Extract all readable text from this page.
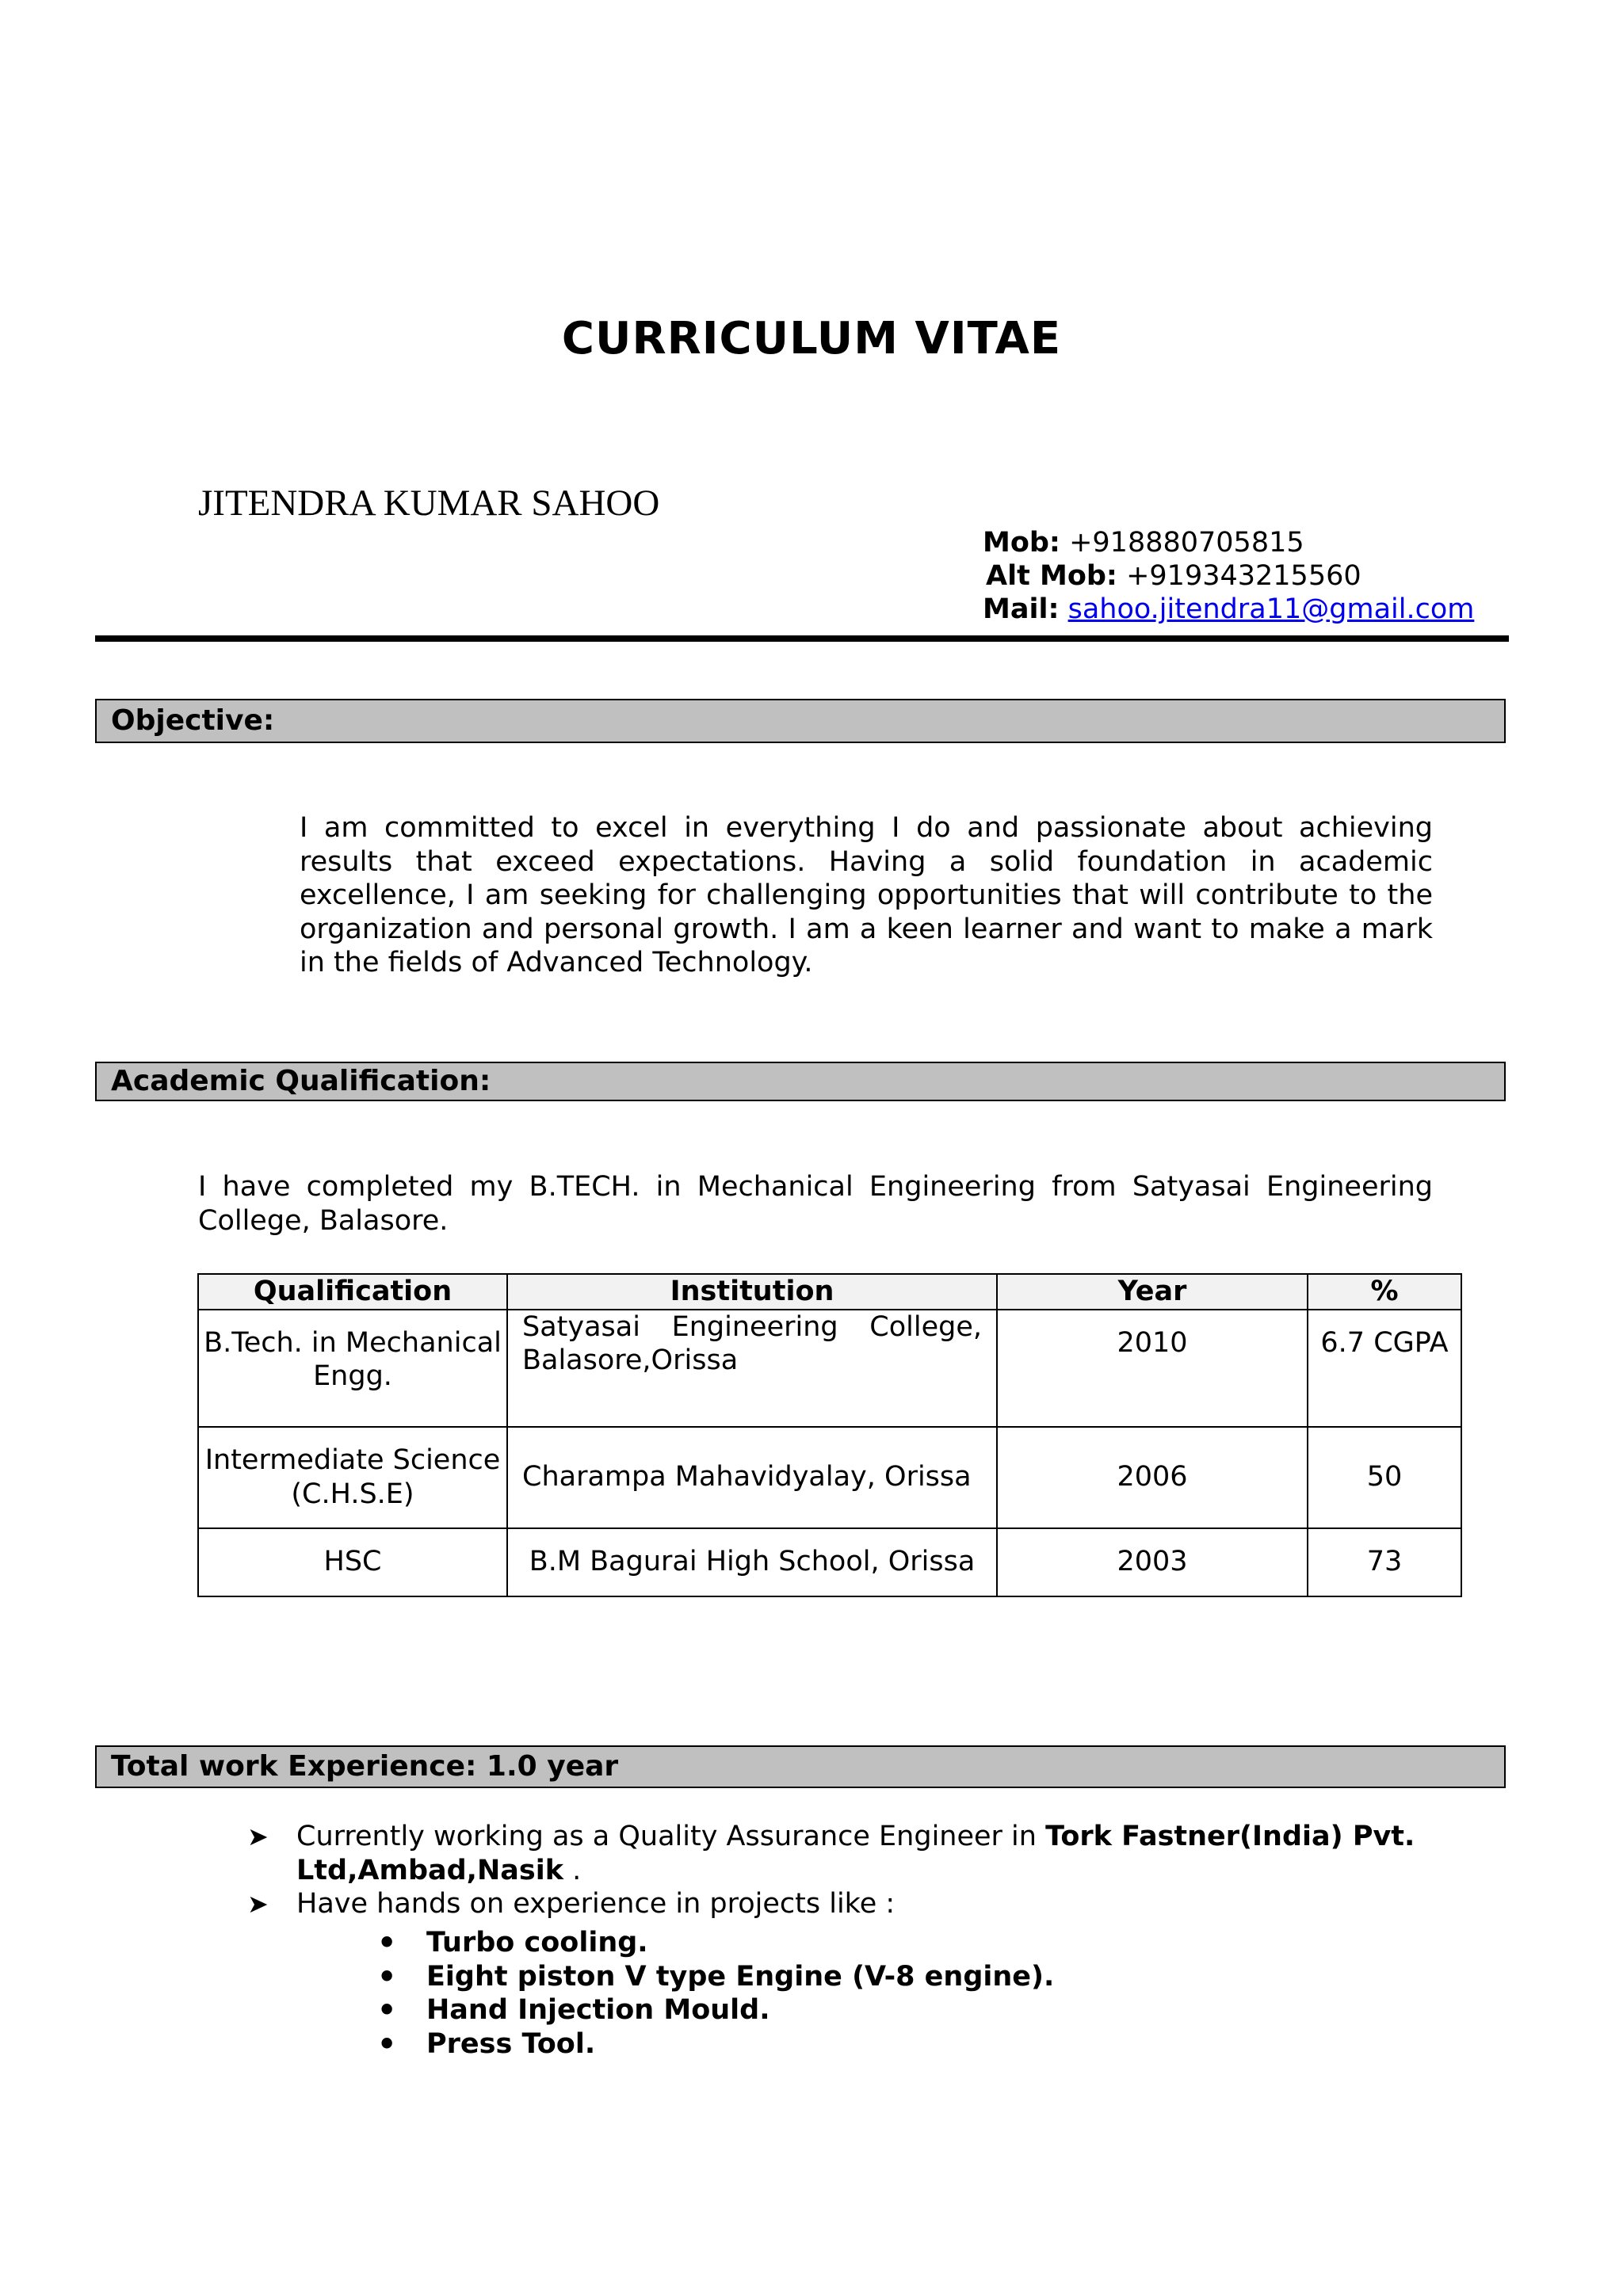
CURRICULUM VITAE
JITENDRA KUMAR SAHOO
Mob: +918880705815
Alt Mob: +919343215560
Mail: sahoo.jitendra11@gmail.com
Objective:
I am committed to excel in everything I do and passionate about achieving results that exceed expectations. Having a solid foundation in academic excellence, I am seeking for challenging opportunities that will contribute to the organization and personal growth. I am a keen learner and want to make a mark in the fields of Advanced Technology.
Academic Qualification:
I have completed my B.TECH. in Mechanical Engineering from Satyasai Engineering College, Balasore.
Qualification	Institution	Year	%
B.Tech. in Mechanical Engg.	Satyasai Engineering College, Balasore,Orissa	2010	6.7 CGPA
Intermediate Science (C.H.S.E)	Charampa Mahavidyalay, Orissa	2006	50
HSC	B.M Bagurai High School, Orissa	2003	73
Total work Experience: 1.0 year
➤ Currently working as a Quality Assurance Engineer in Tork Fastner(India) Pvt. Ltd,Ambad,Nasik .
➤ Have hands on experience in projects like :
• Turbo cooling.
• Eight piston V type Engine (V-8 engine).
• Hand Injection Mould.
• Press Tool.
